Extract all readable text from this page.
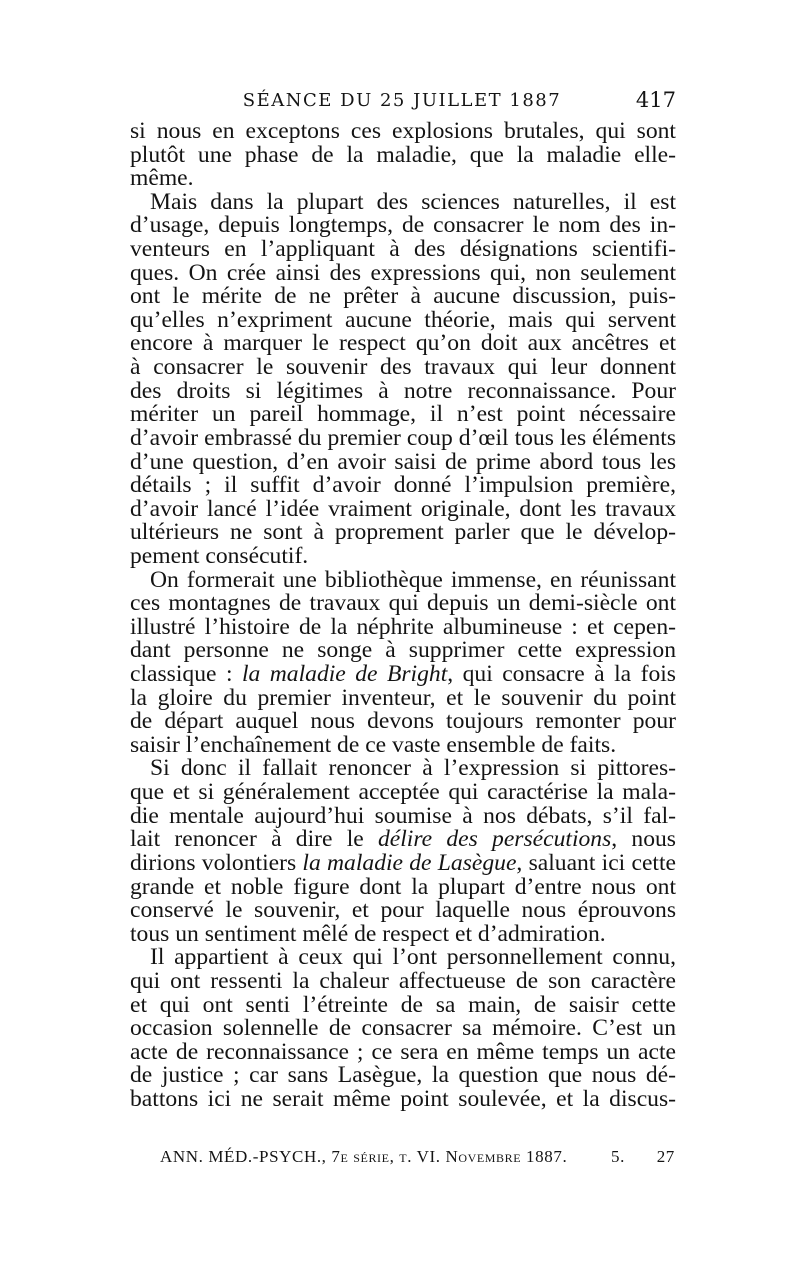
SÉANCE DU 25 JUILLET 1887	417
si nous en exceptons ces explosions brutales, qui sont
plutôt une phase de la maladie, que la maladie elle-
même.
Mais dans la plupart des sciences naturelles, il est
d’usage, depuis longtemps, de consacrer le nom des in-
venteurs en l’appliquant à des désignations scientifi-
ques. On crée ainsi des expressions qui, non seulement
ont le mérite de ne prêter à aucune discussion, puis-
qu’elles n’expriment aucune théorie, mais qui servent
encore à marquer le respect qu’on doit aux ancêtres et
à consacrer le souvenir des travaux qui leur donnent
des droits si légitimes à notre reconnaissance. Pour
mériter un pareil hommage, il n’est point nécessaire
d’avoir embrassé du premier coup d’œil tous les éléments
d’une question, d’en avoir saisi de prime abord tous les
détails ; il suffit d’avoir donné l’impulsion première,
d’avoir lancé l’idée vraiment originale, dont les travaux
ultérieurs ne sont à proprement parler que le dévelop-
pement consécutif.
On formerait une bibliothèque immense, en réunissant
ces montagnes de travaux qui depuis un demi-siècle ont
illustré l’histoire de la néphrite albumineuse : et cepen-
dant personne ne songe à supprimer cette expression
classique : la maladie de Bright, qui consacre à la fois
la gloire du premier inventeur, et le souvenir du point
de départ auquel nous devons toujours remonter pour
saisir l’enchaînement de ce vaste ensemble de faits.
Si donc il fallait renoncer à l’expression si pittores-
que et si généralement acceptée qui caractérise la mala-
die mentale aujourd’hui soumise à nos débats, s’il fal-
lait renoncer à dire le délire des persécutions, nous
dirions volontiers la maladie de Lasègue, saluant ici cette
grande et noble figure dont la plupart d’entre nous ont
conservé le souvenir, et pour laquelle nous éprouvons
tous un sentiment mêlé de respect et d’admiration.
Il appartient à ceux qui l’ont personnellement connu,
qui ont ressenti la chaleur affectueuse de son caractère
et qui ont senti l’étreinte de sa main, de saisir cette
occasion solennelle de consacrer sa mémoire. C’est un
acte de reconnaissance ; ce sera en même temps un acte
de justice ; car sans Lasègue, la question que nous dé-
battons ici ne serait même point soulevée, et la discus-
ANN. MÉD.-PSYCH., 7e série, t. VI. Novembre 1887.	5. 27
